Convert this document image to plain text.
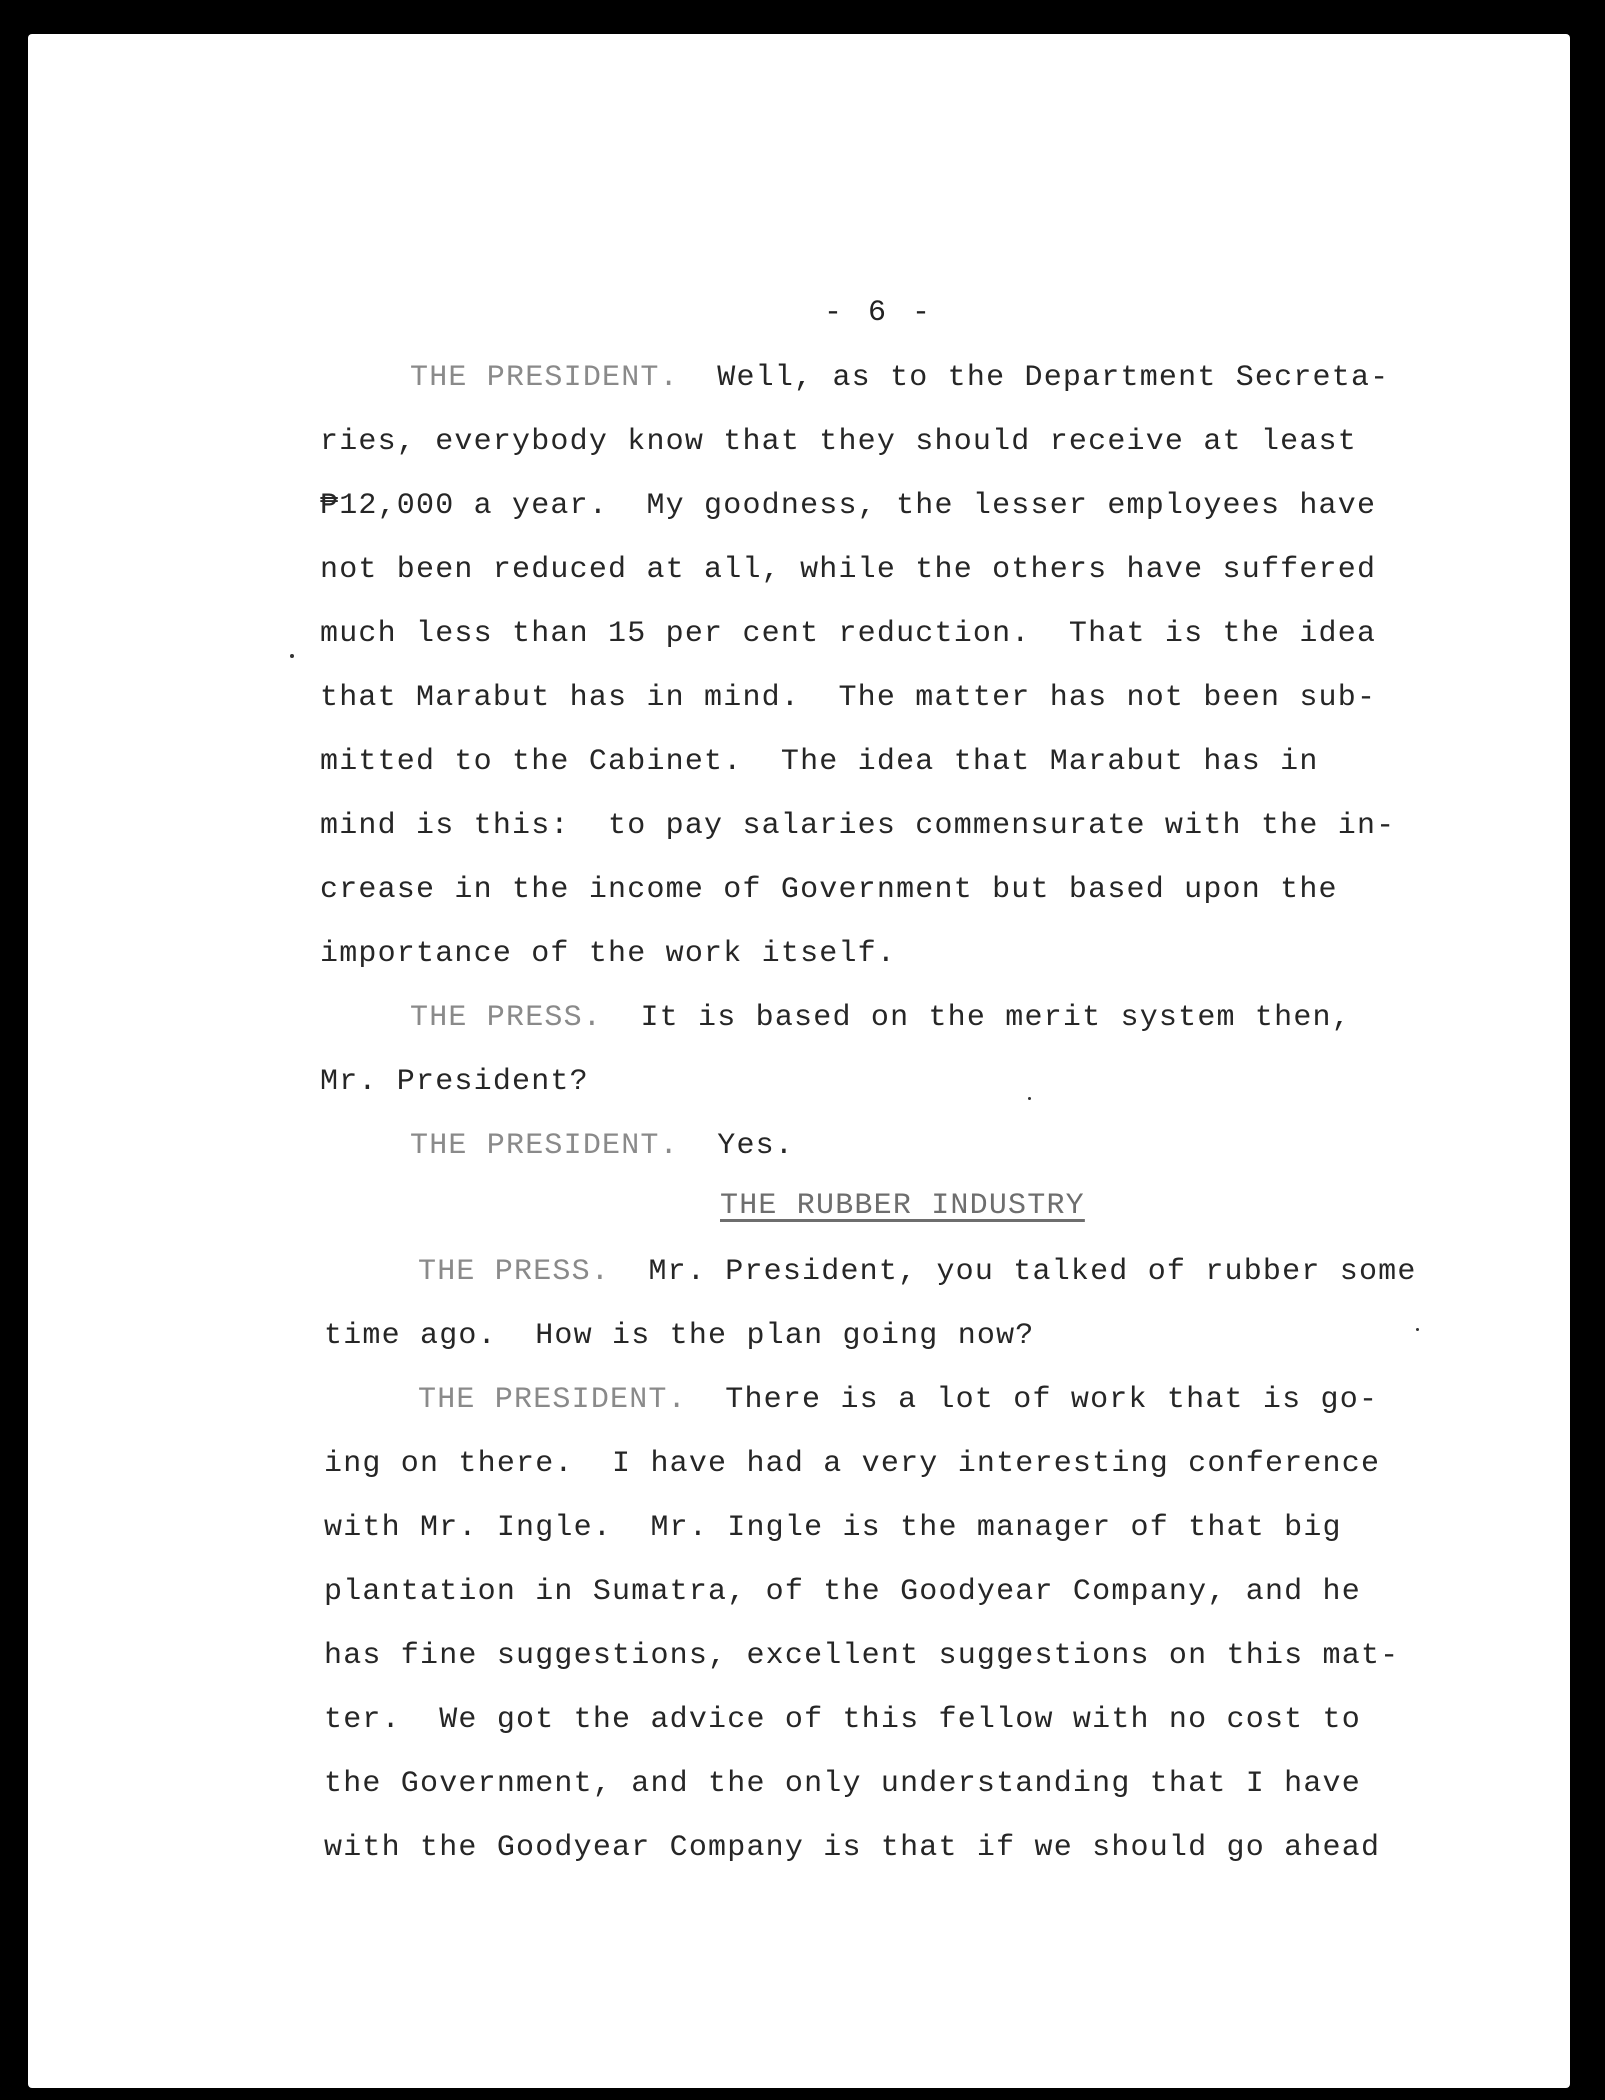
- 6 -
THE PRESIDENT. Well, as to the Department Secreta-
ries, everybody know that they should receive at least
₱12,000 a year.  My goodness, the lesser employees have
not been reduced at all, while the others have suffered
much less than 15 per cent reduction.  That is the idea
that Marabut has in mind.  The matter has not been sub-
mitted to the Cabinet.  The idea that Marabut has in
mind is this:  to pay salaries commensurate with the in-
crease in the income of Government but based upon the
importance of the work itself.
THE PRESS. It is based on the merit system then,
Mr. President?
THE PRESIDENT. Yes.
THE RUBBER INDUSTRY
THE PRESS. Mr. President, you talked of rubber some
time ago.  How is the plan going now?
THE PRESIDENT. There is a lot of work that is go-
ing on there.  I have had a very interesting conference
with Mr. Ingle.  Mr. Ingle is the manager of that big
plantation in Sumatra, of the Goodyear Company, and he
has fine suggestions, excellent suggestions on this mat-
ter.  We got the advice of this fellow with no cost to
the Government, and the only understanding that I have
with the Goodyear Company is that if we should go ahead
